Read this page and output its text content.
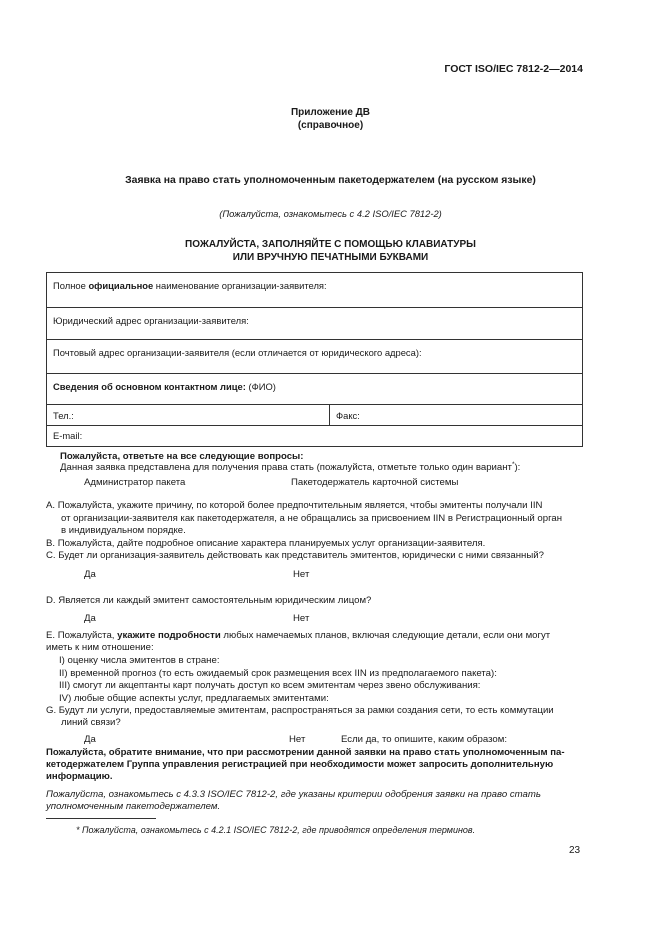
ГОСТ ISO/IEC 7812-2—2014
Приложение ДВ
(справочное)
Заявка на право стать уполномоченным пакетодержателем (на русском языке)
(Пожалуйста, ознакомьтесь с 4.2 ISO/IEC 7812-2)
ПОЖАЛУЙСТА, ЗАПОЛНЯЙТЕ С ПОМОЩЬЮ КЛАВИАТУРЫ
ИЛИ ВРУЧНУЮ ПЕЧАТНЫМИ БУКВАМИ
Полное официальное наименование организации-заявителя:
Юридический адрес организации-заявителя:
Почтовый адрес организации-заявителя (если отличается от юридического адреса):
Сведения об основном контактном лице: (ФИО)
Тел.:	Факс:
E-mail:
Пожалуйста, ответьте на все следующие вопросы:
Данная заявка представлена для получения права стать (пожалуйста, отметьте только один вариант*):
Администратор пакета	Пакетодержатель карточной системы
A. Пожалуйста, укажите причину, по которой более предпочтительным является, чтобы эмитенты получали IIN
от организации-заявителя как пакетодержателя, а не обращались за присвоением IIN в Регистрационный орган
в индивидуальном порядке.
B. Пожалуйста, дайте подробное описание характера планируемых услуг организации-заявителя.
C. Будет ли организация-заявитель действовать как представитель эмитентов, юридически с ними связанный?
Да	Нет
D. Является ли каждый эмитент самостоятельным юридическим лицом?
Да	Нет
E. Пожалуйста, укажите подробности любых намечаемых планов, включая следующие детали, если они могут
иметь к ним отношение:
I) оценку числа эмитентов в стране:
II) временной прогноз (то есть ожидаемый срок размещения всех IIN из предполагаемого пакета):
III) смогут ли акцептанты карт получать доступ ко всем эмитентам через звено обслуживания:
IV) любые общие аспекты услуг, предлагаемых эмитентами:
G. Будут ли услуги, предоставляемые эмитентам, распространяться за рамки создания сети, то есть коммутации
линий связи?
Да	Нет	Если да, то опишите, каким образом:
Пожалуйста, обратите внимание, что при рассмотрении данной заявки на право стать уполномоченным па-
кетодержателем Группа управления регистрацией при необходимости может запросить дополнительную
информацию.
Пожалуйста, ознакомьтесь с 4.3.3 ISO/IEC 7812-2, где указаны критерии одобрения заявки на право стать
уполномоченным пакетодержателем.
* Пожалуйста, ознакомьтесь с 4.2.1 ISO/IEC 7812-2, где приводятся определения терминов.
23
